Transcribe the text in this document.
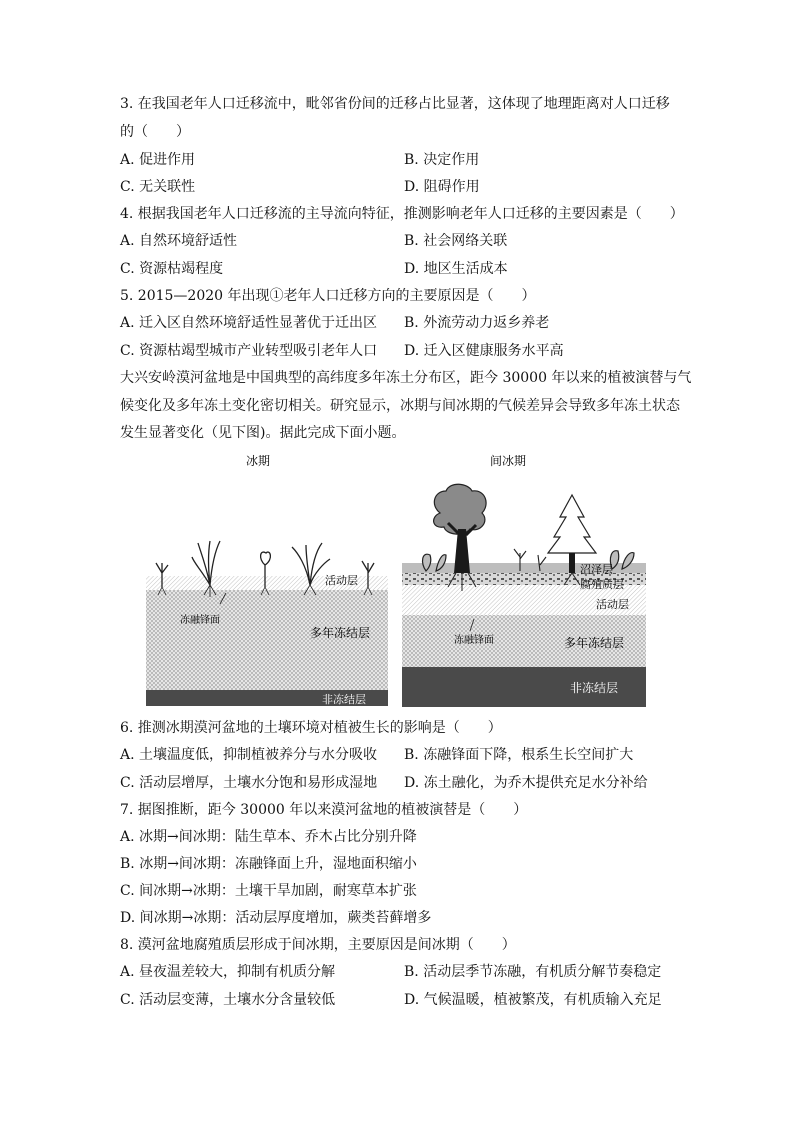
3. 在我国老年人口迁移流中，毗邻省份间的迁移占比显著，这体现了地理距离对人口迁移
的（　　）
A. 促进作用	B. 决定作用
C. 无关联性	D. 阻碍作用
4. 根据我国老年人口迁移流的主导流向特征，推测影响老年人口迁移的主要因素是（　　）
A. 自然环境舒适性	B. 社会网络关联
C. 资源枯竭程度	D. 地区生活成本
5. 2015—2020 年出现①老年人口迁移方向的主要原因是（　　）
A. 迁入区自然环境舒适性显著优于迁出区 B. 外流劳动力返乡养老
C. 资源枯竭型城市产业转型吸引老年人口 D. 迁入区健康服务水平高
大兴安岭漠河盆地是中国典型的高纬度多年冻土分布区，距今 30000 年以来的植被演替与气
候变化及多年冻土变化密切相关。研究显示，冰期与间冰期的气候差异会导致多年冻土状态
发生显著变化（见下图)。据此完成下面小题。
冰期	间冰期
活动层
冻融锋面
多年冻结层
非冻结层
沼泽层
腐殖质层
活动层
冻融锋面	多年冻结层
非冻结层
6. 推测冰期漠河盆地的土壤环境对植被生长的影响是（　　）
A. 土壤温度低，抑制植被养分与水分吸收 B. 冻融锋面下降，根系生长空间扩大
C. 活动层增厚，土壤水分饱和易形成湿地 D. 冻土融化，为乔木提供充足水分补给
7. 据图推断，距今 30000 年以来漠河盆地的植被演替是（　　）
A. 冰期→间冰期：陆生草本、乔木占比分别升降
B. 冰期→间冰期：冻融锋面上升，湿地面积缩小
C. 间冰期→冰期：土壤干旱加剧，耐寒草本扩张
D. 间冰期→冰期：活动层厚度增加，蕨类苔藓增多
8. 漠河盆地腐殖质层形成于间冰期，主要原因是间冰期（　　）
A. 昼夜温差较大，抑制有机质分解	B. 活动层季节冻融，有机质分解节奏稳定
C. 活动层变薄，土壤水分含量较低	D. 气候温暖，植被繁茂，有机质输入充足
